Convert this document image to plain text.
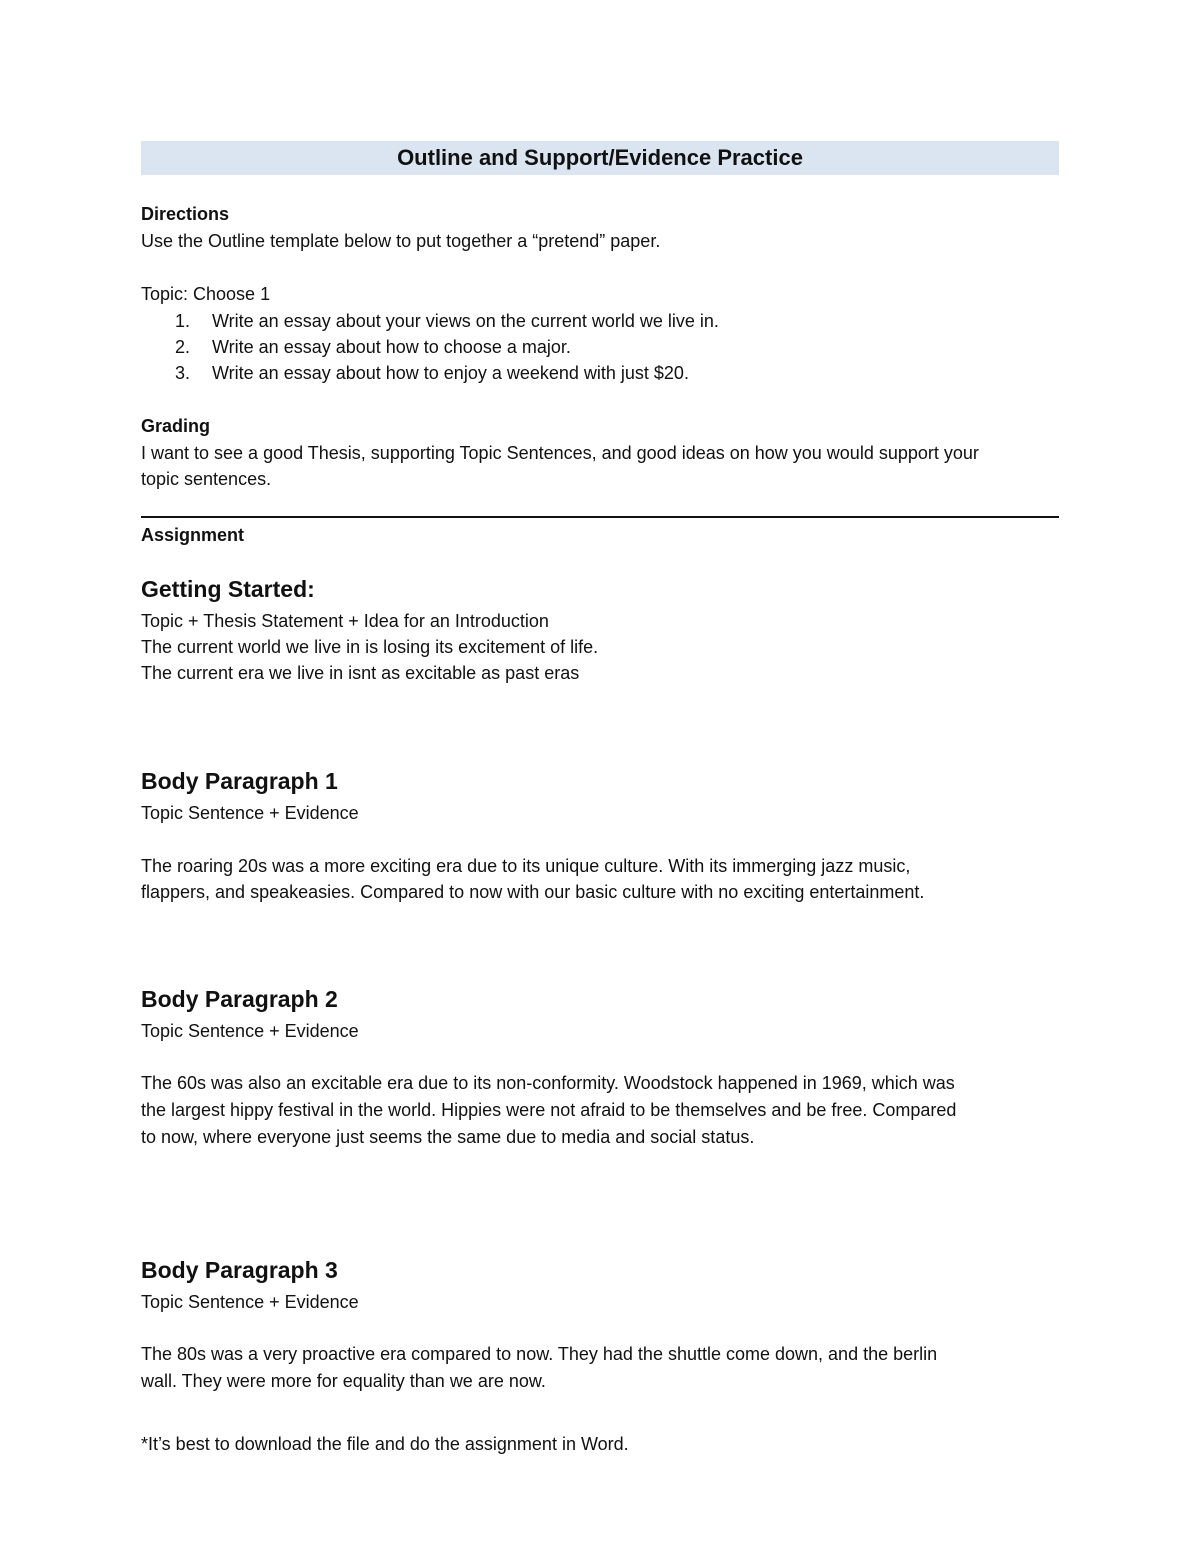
Outline and Support/Evidence Practice
Directions
Use the Outline template below to put together a “pretend” paper.
Topic: Choose 1
1.	Write an essay about your views on the current world we live in.
2.	Write an essay about how to choose a major.
3.	Write an essay about how to enjoy a weekend with just $20.
Grading
I want to see a good Thesis, supporting Topic Sentences, and good ideas on how you would support your
topic sentences.
Assignment
Getting Started:
Topic + Thesis Statement + Idea for an Introduction
The current world we live in is losing its excitement of life.
The current era we live in isnt as excitable as past eras
Body Paragraph 1
Topic Sentence + Evidence
The roaring 20s was a more exciting era due to its unique culture. With its immerging jazz music,
flappers, and speakeasies. Compared to now with our basic culture with no exciting entertainment.
Body Paragraph 2
Topic Sentence + Evidence
The 60s was also an excitable era due to its non-conformity. Woodstock happened in 1969, which was
the largest hippy festival in the world. Hippies were not afraid to be themselves and be free. Compared
to now, where everyone just seems the same due to media and social status.
Body Paragraph 3
Topic Sentence + Evidence
The 80s was a very proactive era compared to now. They had the shuttle come down, and the berlin
wall. They were more for equality than we are now.
*It’s best to download the file and do the assignment in Word.
